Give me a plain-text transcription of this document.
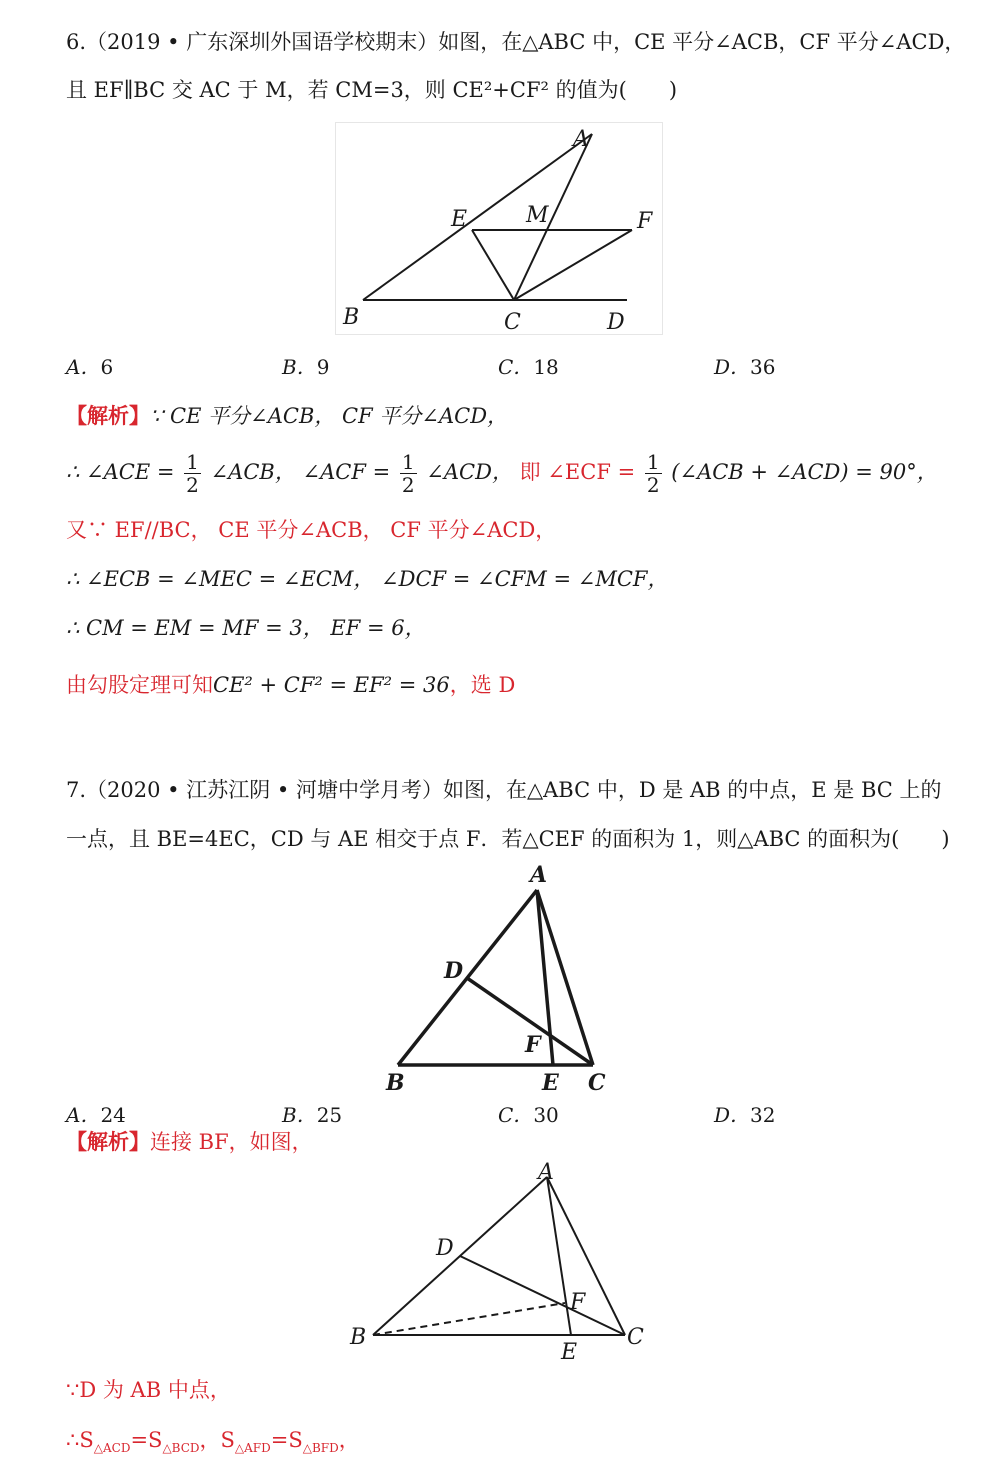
6.（2019 • 广东深圳外国语学校期末）如图，在△ABC 中，CE 平分∠ACB，CF 平分∠ACD，
且 EF∥BC 交 AC 于 M，若 CM=3，则 CE²+CF² 的值为(　　)
A
E	M	F
B	C	D
A．6	B．9	C．18	D．36
【解析】∵ CE 平分∠ACB， CF 平分∠ACD，
∴ ∠ACE = $\frac{1}{2}$ ∠ACB， ∠ACF = $\frac{1}{2}$ ∠ACD， 即 ∠ECF = $\frac{1}{2}$ (∠ACB + ∠ACD) = 90°，
又∵ EF//BC， CE 平分∠ACB， CF 平分∠ACD，
∴ ∠ECB = ∠MEC = ∠ECM， ∠DCF = ∠CFM = ∠MCF，
∴ CM = EM = MF = 3， EF = 6，
由勾股定理可知CE² + CF² = EF² = 36，选 D
7.（2020 • 江苏江阴 • 河塘中学月考）如图，在△ABC 中，D 是 AB 的中点，E 是 BC 上的
一点，且 BE=4EC，CD 与 AE 相交于点 F．若△CEF 的面积为 1，则△ABC 的面积为(　　)
A
D
F
B	E C
A．24	B．25	C．30	D．32
【解析】连接 BF，如图，
A
D
F
B
E
C
∵D 为 AB 中点，
$\therefore S_{\triangle ACD}=S_{\triangle BCD}$，$S_{\triangle AFD}=S_{\triangle BFD}$，
